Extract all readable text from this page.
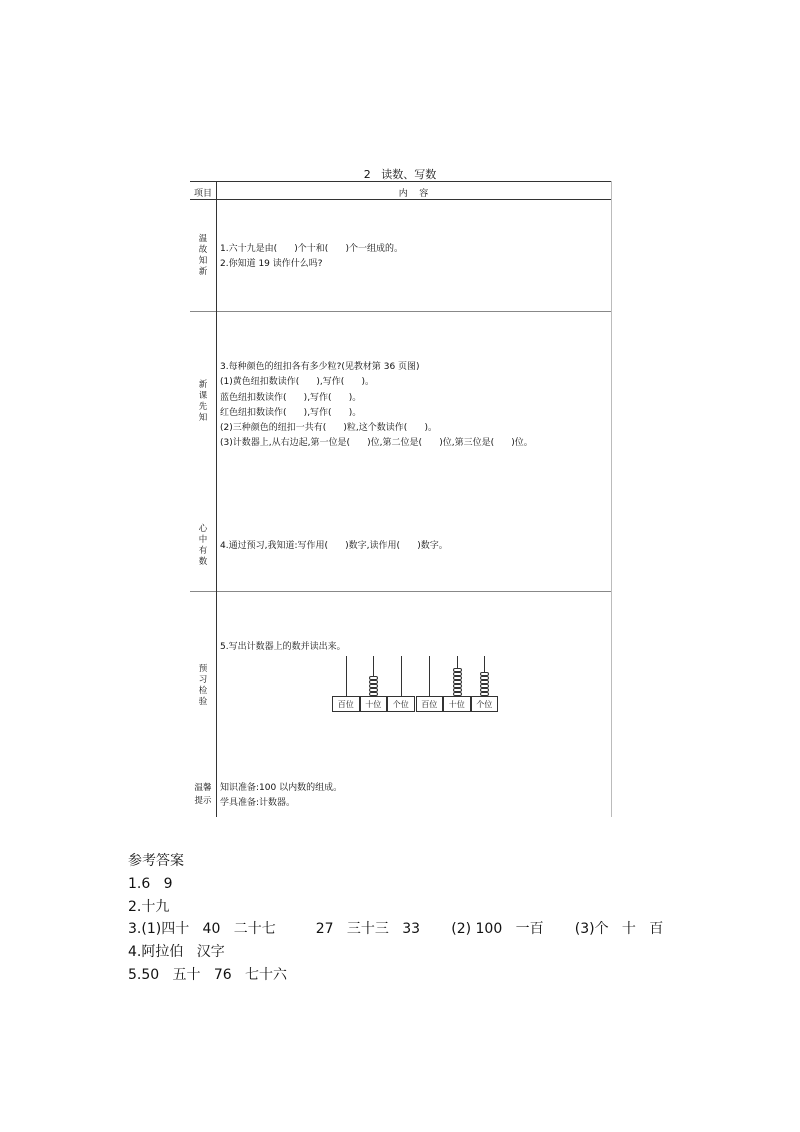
2   读数、写数
项目	内    容
温故知新
1.六十九是由(      )个十和(      )个一组成的。
2.你知道 19 读作什么吗?
新课先知
3.每种颜色的纽扣各有多少粒?(见教材第 36 页图)
(1)黄色纽扣数读作(      ),写作(      )。
蓝色纽扣数读作(      ),写作(      )。
红色纽扣数读作(      ),写作(      )。
(2)三种颜色的纽扣一共有(      )粒,这个数读作(      )。
(3)计数器上,从右边起,第一位是(      )位,第二位是(      )位,第三位是(      )位。
心中有数
4.通过预习,我知道:写作用(      )数字,读作用(      )数字。
预习检验
5.写出计数器上的数并读出来。
百位	十位	个位	百位	十位	个位
温馨提示
知识准备:100 以内数的组成。
学具准备:计数器。
参考答案
1.6   9
2.十九
3.(1)四十   40   二十七         27   三十三   33       (2) 100   一百       (3)个   十   百
4.阿拉伯   汉字
5.50   五十   76   七十六
